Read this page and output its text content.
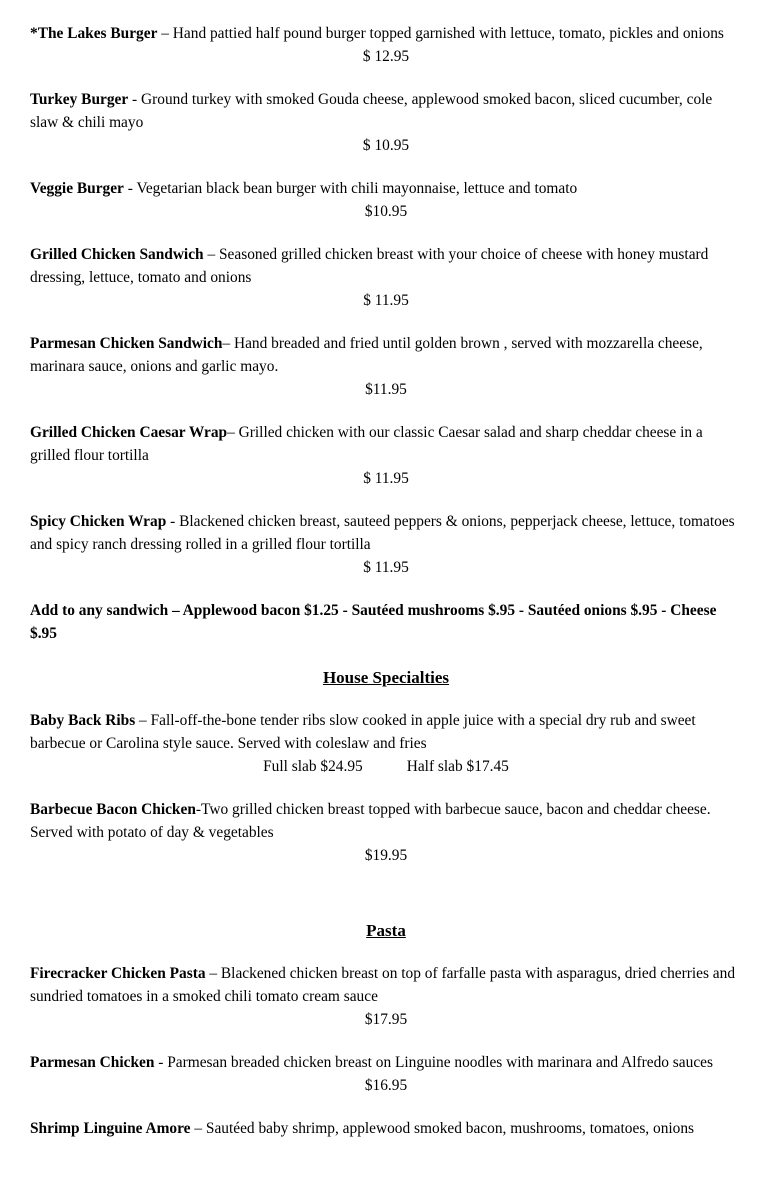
*The Lakes Burger – Hand pattied half pound burger topped garnished with lettuce, tomato, pickles and onions

$ 12.95

Turkey Burger - Ground turkey with smoked Gouda cheese, applewood smoked bacon, sliced cucumber, cole slaw & chili mayo

$ 10.95

Veggie Burger - Vegetarian black bean burger with chili mayonnaise, lettuce and tomato

$10.95

Grilled Chicken Sandwich – Seasoned grilled chicken breast with your choice of cheese with honey mustard dressing, lettuce, tomato and onions

$ 11.95

Parmesan Chicken Sandwich– Hand breaded and fried until golden brown , served with mozzarella cheese, marinara sauce, onions and garlic mayo.

$11.95

Grilled Chicken Caesar Wrap– Grilled chicken with our classic Caesar salad and sharp cheddar cheese in a grilled flour tortilla

$ 11.95

Spicy Chicken Wrap - Blackened chicken breast, sauteed peppers & onions, pepperjack cheese, lettuce, tomatoes and spicy ranch dressing rolled in a grilled flour tortilla

$ 11.95

Add to any sandwich – Applewood bacon $1.25 - Sautéed mushrooms $.95 - Sautéed onions $.95 - Cheese $.95

House Specialties

Baby Back Ribs – Fall-off-the-bone tender ribs slow cooked in apple juice with a special dry rub and sweet barbecue or Carolina style sauce. Served with coleslaw and fries

Full slab $24.95	Half slab $17.45

Barbecue Bacon Chicken-Two grilled chicken breast topped with barbecue sauce, bacon and cheddar cheese. Served with potato of day & vegetables

$19.95

Pasta

Firecracker Chicken Pasta – Blackened chicken breast on top of farfalle pasta with asparagus, dried cherries and sundried tomatoes in a smoked chili tomato cream sauce

$17.95

Parmesan Chicken - Parmesan breaded chicken breast on Linguine noodles with marinara and Alfredo sauces

$16.95

Shrimp Linguine Amore – Sautéed baby shrimp, applewood smoked bacon, mushrooms, tomatoes, onions
